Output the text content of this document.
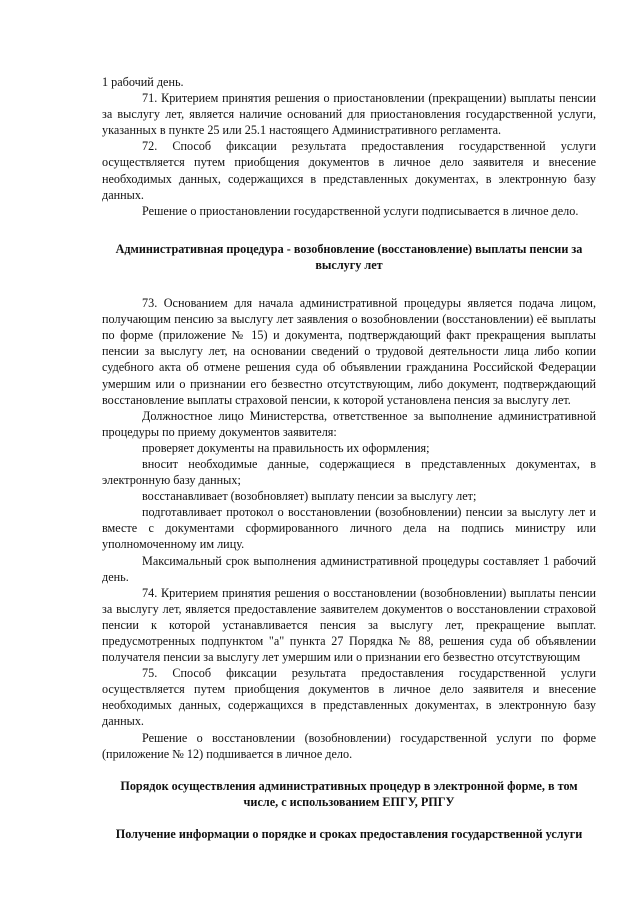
1 рабочий день.

71. Критерием принятия решения о приостановлении (прекращении) выплаты пенсии за выслугу лет, является наличие оснований для приостановления государственной услуги, указанных в пункте 25 или 25.1 настоящего Административного регламента.

72. Способ фиксации результата предоставления государственной услуги осуществляется путем приобщения документов в личное дело заявителя и внесение необходимых данных, содержащихся в представленных документах, в электронную базу данных.

Решение о приостановлении государственной услуги подписывается в личное дело.

Административная процедура - возобновление (восстановление) выплаты пенсии за выслугу лет

73. Основанием для начала административной процедуры является подача лицом, получающим пенсию за выслугу лет заявления о возобновлении (восстановлении) её выплаты по форме (приложение № 15) и документа, подтверждающий факт прекращения выплаты пенсии за выслугу лет, на основании сведений о трудовой деятельности лица либо копии судебного акта об отмене решения суда об объявлении гражданина Российской Федерации умершим или о признании его безвестно отсутствующим, либо документ, подтверждающий восстановление выплаты страховой пенсии, к которой установлена пенсия за выслугу лет.

Должностное лицо Министерства, ответственное за выполнение административной процедуры по приему документов заявителя:

проверяет документы на правильность их оформления;

вносит необходимые данные, содержащиеся в представленных документах, в электронную базу данных;

восстанавливает (возобновляет) выплату пенсии за выслугу лет;

подготавливает протокол о восстановлении (возобновлении) пенсии за выслугу лет и вместе с документами сформированного личного дела на подпись министру или уполномоченному им лицу.

Максимальный срок выполнения административной процедуры составляет 1 рабочий день.

74. Критерием принятия решения о восстановлении (возобновлении) выплаты пенсии за выслугу лет, является предоставление заявителем документов о восстановлении страховой пенсии к которой устанавливается пенсия за выслугу лет, прекращение выплат. предусмотренных подпунктом "а" пункта 27 Порядка № 88, решения суда об объявлении получателя пенсии за выслугу лет умершим или о признании его безвестно отсутствующим

75. Способ фиксации результата предоставления государственной услуги осуществляется путем приобщения документов в личное дело заявителя и внесение необходимых данных, содержащихся в представленных документах, в электронную базу данных.

Решение о восстановлении (возобновлении) государственной услуги по форме (приложение № 12) подшивается в личное дело.

Порядок осуществления административных процедур в электронной форме, в том числе, с использованием ЕПГУ, РПГУ

Получение информации о порядке и сроках предоставления государственной услуги
